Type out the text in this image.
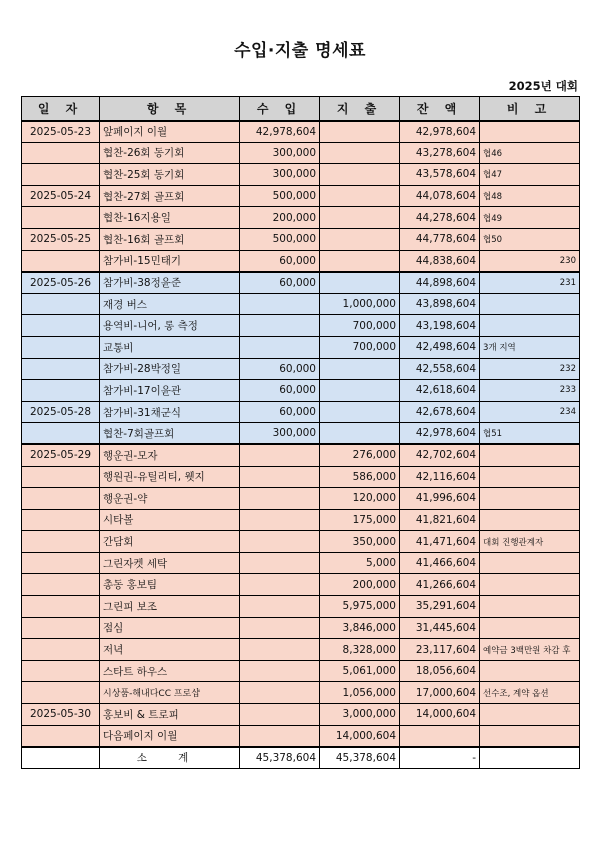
수입·지출 명세표
2025년 대회
일 자	항 목	수 입	지 출	잔 액	비 고
2025-05-23	앞페이지 이월	42,978,604		42,978,604	
	협찬-26회 동기회	300,000		43,278,604	협46
	협찬-25회 동기회	300,000		43,578,604	협47
2025-05-24	협찬-27회 골프회	500,000		44,078,604	협48
	협찬-16지용일	200,000		44,278,604	협49
2025-05-25	협찬-16회 골프회	500,000		44,778,604	협50
	참가비-15민태기	60,000		44,838,604	230
2025-05-26	참가비-38정윤준	60,000		44,898,604	231
	재경 버스		1,000,000	43,898,604	
	용역비-니어, 롱 측정		700,000	43,198,604	
	교통비		700,000	42,498,604	3개 지역
	참가비-28박정일	60,000		42,558,604	232
	참가비-17이윤관	60,000		42,618,604	233
2025-05-28	참가비-31채군식	60,000		42,678,604	234
	협찬-7회골프회	300,000		42,978,604	협51
2025-05-29	행운권-모자		276,000	42,702,604	
	행원권-유틸리티, 웻지		586,000	42,116,604	
	행운권-약		120,000	41,996,604	
	시타볼		175,000	41,821,604	
	간담회		350,000	41,471,604	대회 진행관계자
	그린자켓 세탁		5,000	41,466,604	
	총동 홍보팀		200,000	41,266,604	
	그린피 보조		5,975,000	35,291,604	
	점심		3,846,000	31,445,604	
	저녁		8,328,000	23,117,604	예약금 3백만원 차감 후
	스타트 하우스		5,061,000	18,056,604	
	시상품-해내다CC 프로샵		1,056,000	17,000,604	선수조, 계약 옵션
2025-05-30	홍보비 & 트로피		3,000,000	14,000,604	
	다음페이지 이월		14,000,604		
	소 계	45,378,604	45,378,604	-	
